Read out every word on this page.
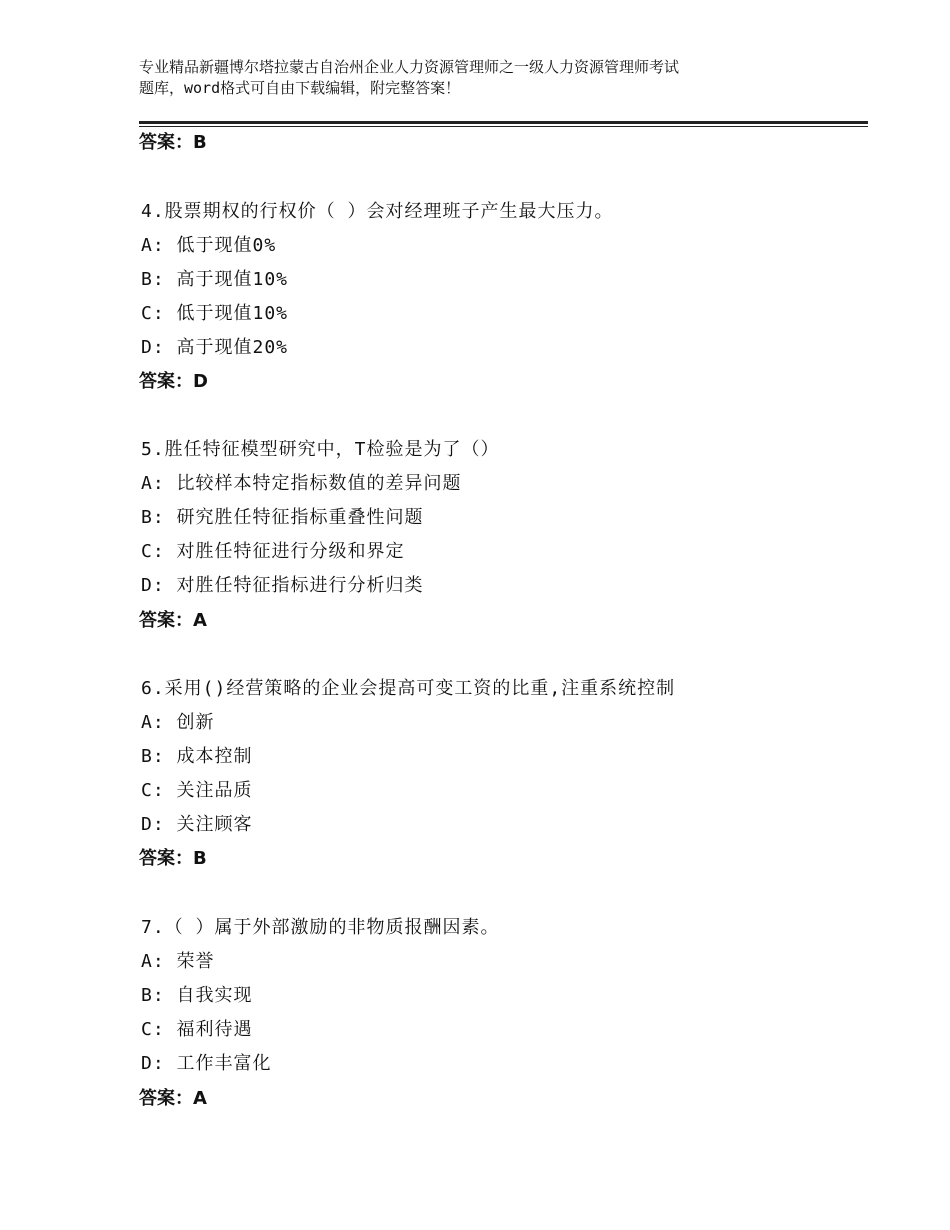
专业精品新疆博尔塔拉蒙古自治州企业人力资源管理师之一级人力资源管理师考试
题库，word格式可自由下载编辑，附完整答案！
答案：B
4.股票期权的行权价（ ）会对经理班子产生最大压力。
A: 低于现值0%
B: 高于现值10%
C: 低于现值10%
D: 高于现值20%
答案：D
5.胜任特征模型研究中，T检验是为了（）
A: 比较样本特定指标数值的差异问题
B: 研究胜任特征指标重叠性问题
C: 对胜任特征进行分级和界定
D: 对胜任特征指标进行分析归类
答案：A
6.采用()经营策略的企业会提高可变工资的比重,注重系统控制
A: 创新
B: 成本控制
C: 关注品质
D: 关注顾客
答案：B
7.（ ）属于外部激励的非物质报酬因素。
A: 荣誉
B: 自我实现
C: 福利待遇
D: 工作丰富化
答案：A
